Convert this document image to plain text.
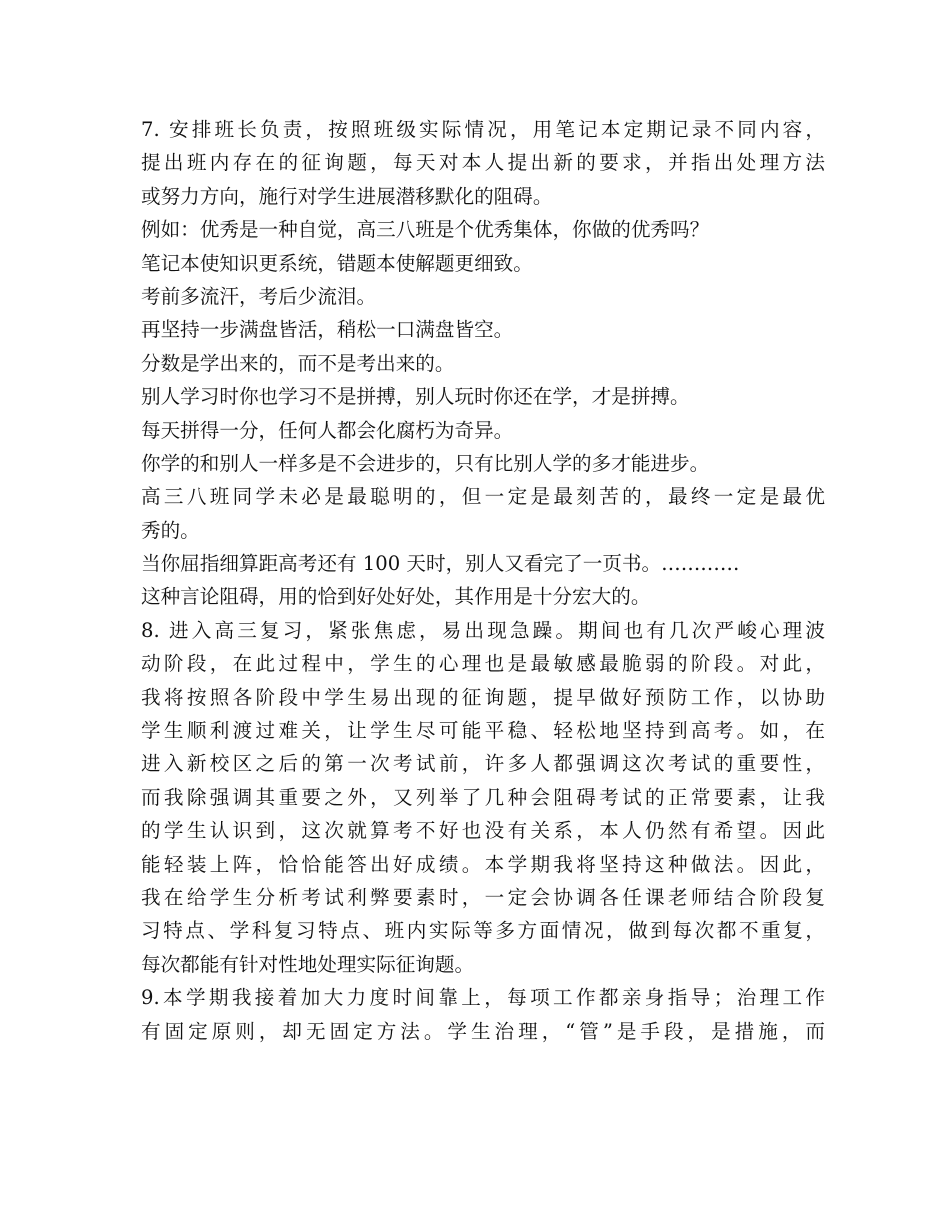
7. 安排班长负责，按照班级实际情况，用笔记本定期记录不同内容，
提出班内存在的征询题，每天对本人提出新的要求，并指出处理方法
或努力方向，施行对学生进展潜移默化的阻碍。
例如：优秀是一种自觉，高三八班是个优秀集体，你做的优秀吗？
笔记本使知识更系统，错题本使解题更细致。
考前多流汗，考后少流泪。
再坚持一步满盘皆活，稍松一口满盘皆空。
分数是学出来的，而不是考出来的。
别人学习时你也学习不是拼搏，别人玩时你还在学，才是拼搏。
每天拼得一分，任何人都会化腐朽为奇异。
你学的和别人一样多是不会进步的，只有比别人学的多才能进步。
高三八班同学未必是最聪明的，但一定是最刻苦的，最终一定是最优
秀的。
当你屈指细算距高考还有 100 天时，别人又看完了一页书。…………
这种言论阻碍，用的恰到好处好处，其作用是十分宏大的。
8. 进入高三复习，紧张焦虑，易出现急躁。期间也有几次严峻心理波
动阶段，在此过程中，学生的心理也是最敏感最脆弱的阶段。对此，
我将按照各阶段中学生易出现的征询题，提早做好预防工作，以协助
学生顺利渡过难关，让学生尽可能平稳、轻松地坚持到高考。如，在
进入新校区之后的第一次考试前，许多人都强调这次考试的重要性，
而我除强调其重要之外，又列举了几种会阻碍考试的正常要素，让我
的学生认识到，这次就算考不好也没有关系，本人仍然有希望。因此
能轻装上阵，恰恰能答出好成绩。本学期我将坚持这种做法。因此，
我在给学生分析考试利弊要素时，一定会协调各任课老师结合阶段复
习特点、学科复习特点、班内实际等多方面情况，做到每次都不重复，
每次都能有针对性地处理实际征询题。
9.本学期我接着加大力度时间靠上，每项工作都亲身指导；治理工作
有固定原则，却无固定方法。学生治理，“管”是手段，是措施，而
